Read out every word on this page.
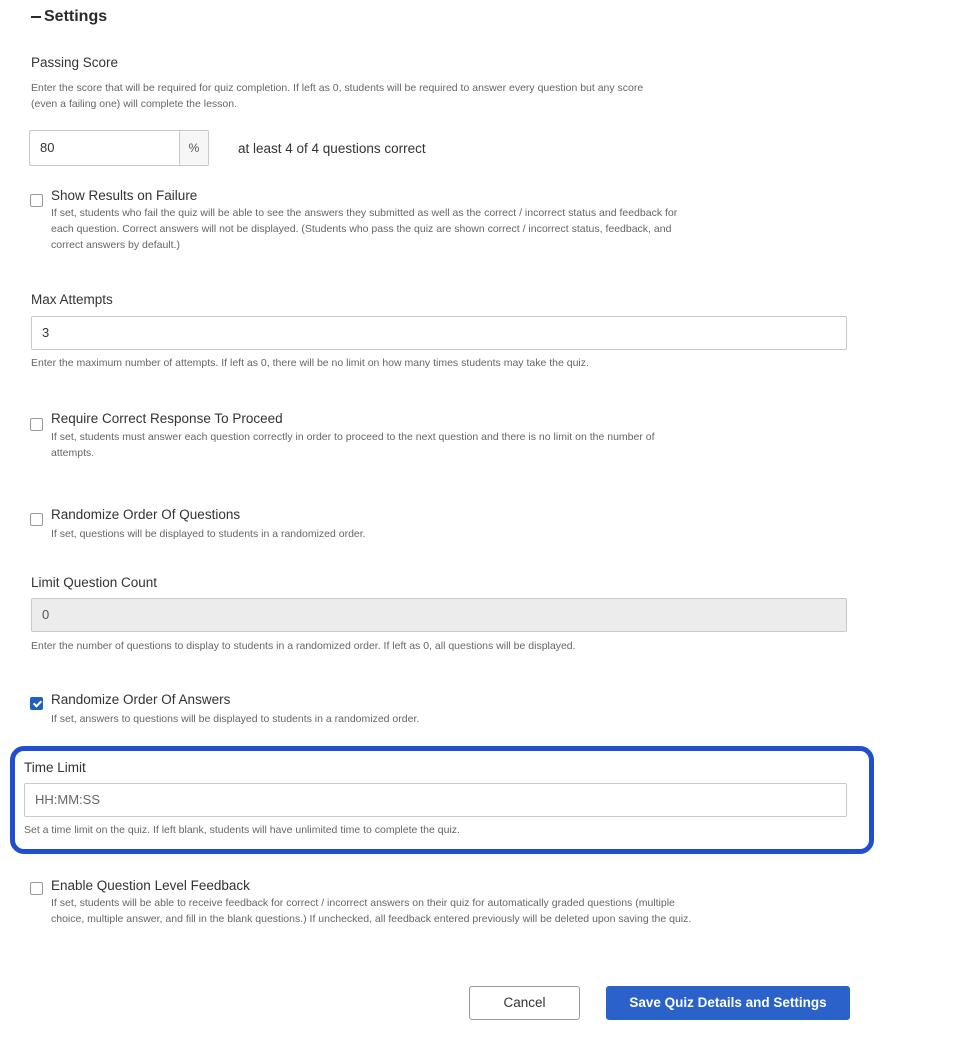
Settings
Passing Score
Enter the score that will be required for quiz completion. If left as 0, students will be required to answer every question but any score
(even a failing one) will complete the lesson.
80	%	at least 4 of 4 questions correct
Show Results on Failure
If set, students who fail the quiz will be able to see the answers they submitted as well as the correct / incorrect status and feedback for
each question. Correct answers will not be displayed. (Students who pass the quiz are shown correct / incorrect status, feedback, and
correct answers by default.)
Max Attempts
3
Enter the maximum number of attempts. If left as 0, there will be no limit on how many times students may take the quiz.
Require Correct Response To Proceed
If set, students must answer each question correctly in order to proceed to the next question and there is no limit on the number of
attempts.
Randomize Order Of Questions
If set, questions will be displayed to students in a randomized order.
Limit Question Count
0
Enter the number of questions to display to students in a randomized order. If left as 0, all questions will be displayed.
Randomize Order Of Answers
If set, answers to questions will be displayed to students in a randomized order.
Time Limit
HH:MM:SS
Set a time limit on the quiz. If left blank, students will have unlimited time to complete the quiz.
Enable Question Level Feedback
If set, students will be able to receive feedback for correct / incorrect answers on their quiz for automatically graded questions (multiple
choice, multiple answer, and fill in the blank questions.) If unchecked, all feedback entered previously will be deleted upon saving the quiz.
Cancel	Save Quiz Details and Settings
